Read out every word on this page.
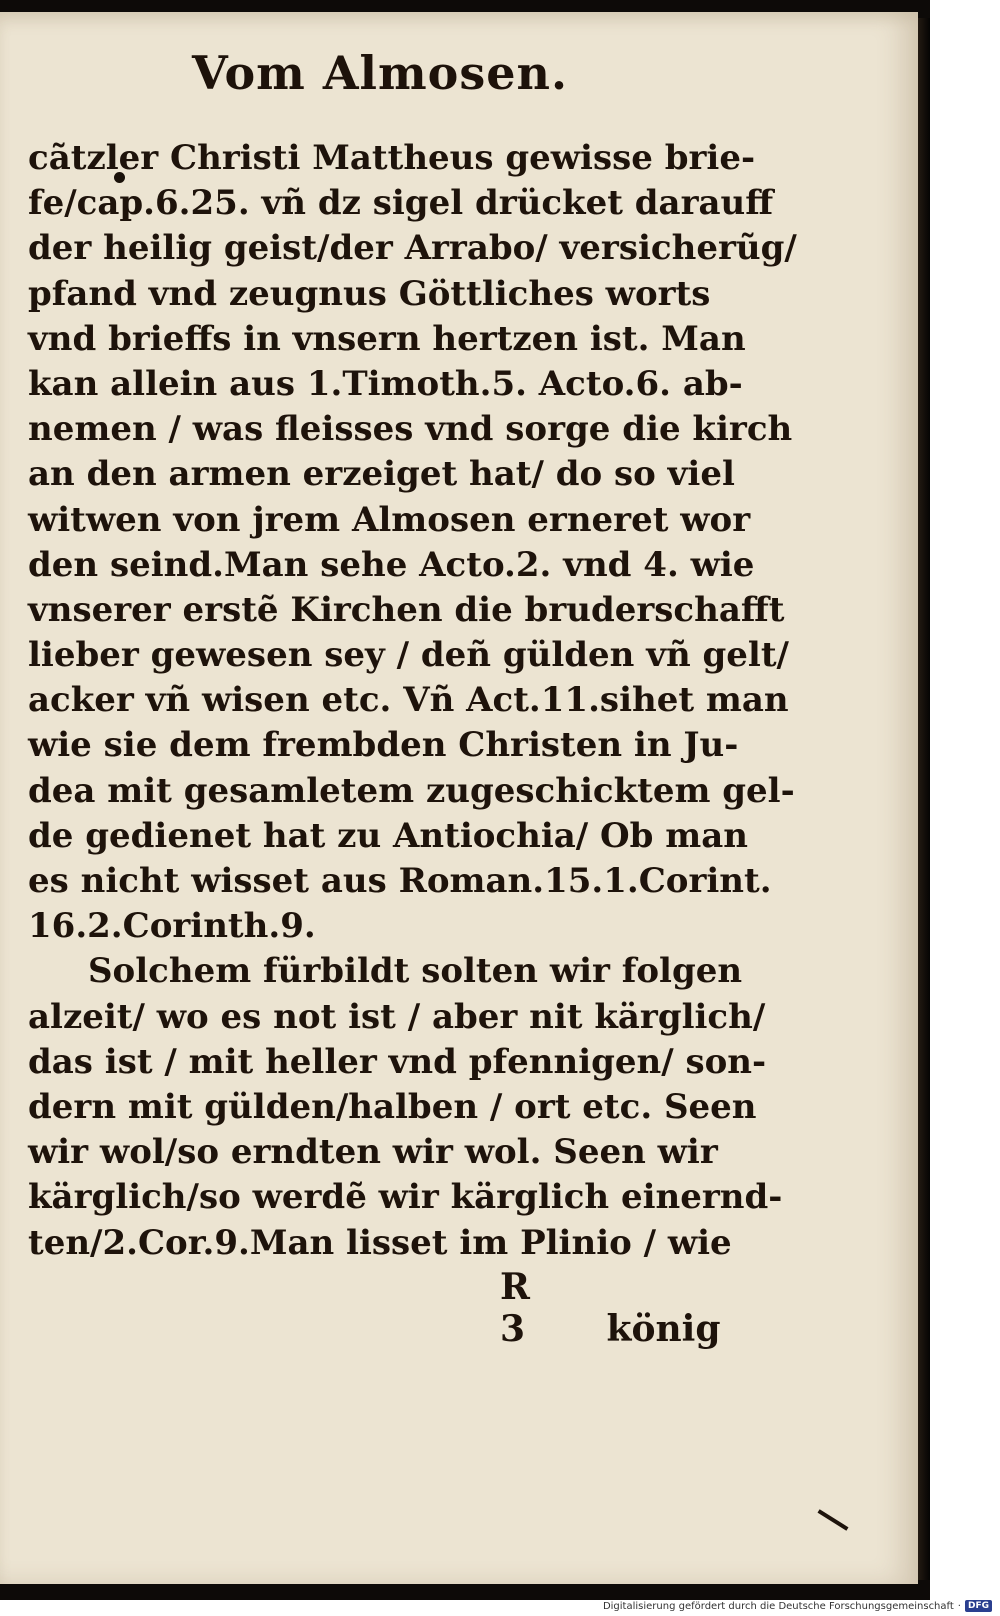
Vom Almosen.
cãtzler Christi Mattheus gewisse brie-
fe/cap.6.25. vñ dz sigel drücket darauff
der heilig geist/der Arrabo/ versicherũg/
pfand vnd zeugnus Gӧttliches worts
vnd brieffs in vnsern hertzen ist. Man
kan allein aus 1.Timoth.5. Acto.6. ab-
nemen / was fleisses vnd sorge die kirch
an den armen erzeiget hat/ do so viel
witwen von jrem Almosen erneret wor
den seind.Man sehe Acto.2. vnd 4. wie
vnserer erstẽ Kirchen die bruderschafft
lieber gewesen sey / deñ gülden vñ gelt/
acker vñ wisen etc. Vñ Act.11.sihet man
wie sie dem frembden Christen in Ju-
dea mit gesamletem zugeschicktem gel-
de gedienet hat zu Antiochia/ Ob man
es nicht wisset aus Roman.15.1.Corint.
16.2.Corinth.9.
Solchem fürbildt solten wir folgen
alzeit/ wo es not ist / aber nit kärglich/
das ist / mit heller vnd pfennigen/ son-
dern mit gülden/halben / ort etc. Seen
wir wol/so erndten wir wol. Seen wir
kärglich/so werdẽ wir kärglich einernd-
ten/2.Cor.9.Man lisset im Plinio / wie
R 3 könig
Digitalisierung gefördert durch die Deutsche Forschungsgemeinschaft · DFG
